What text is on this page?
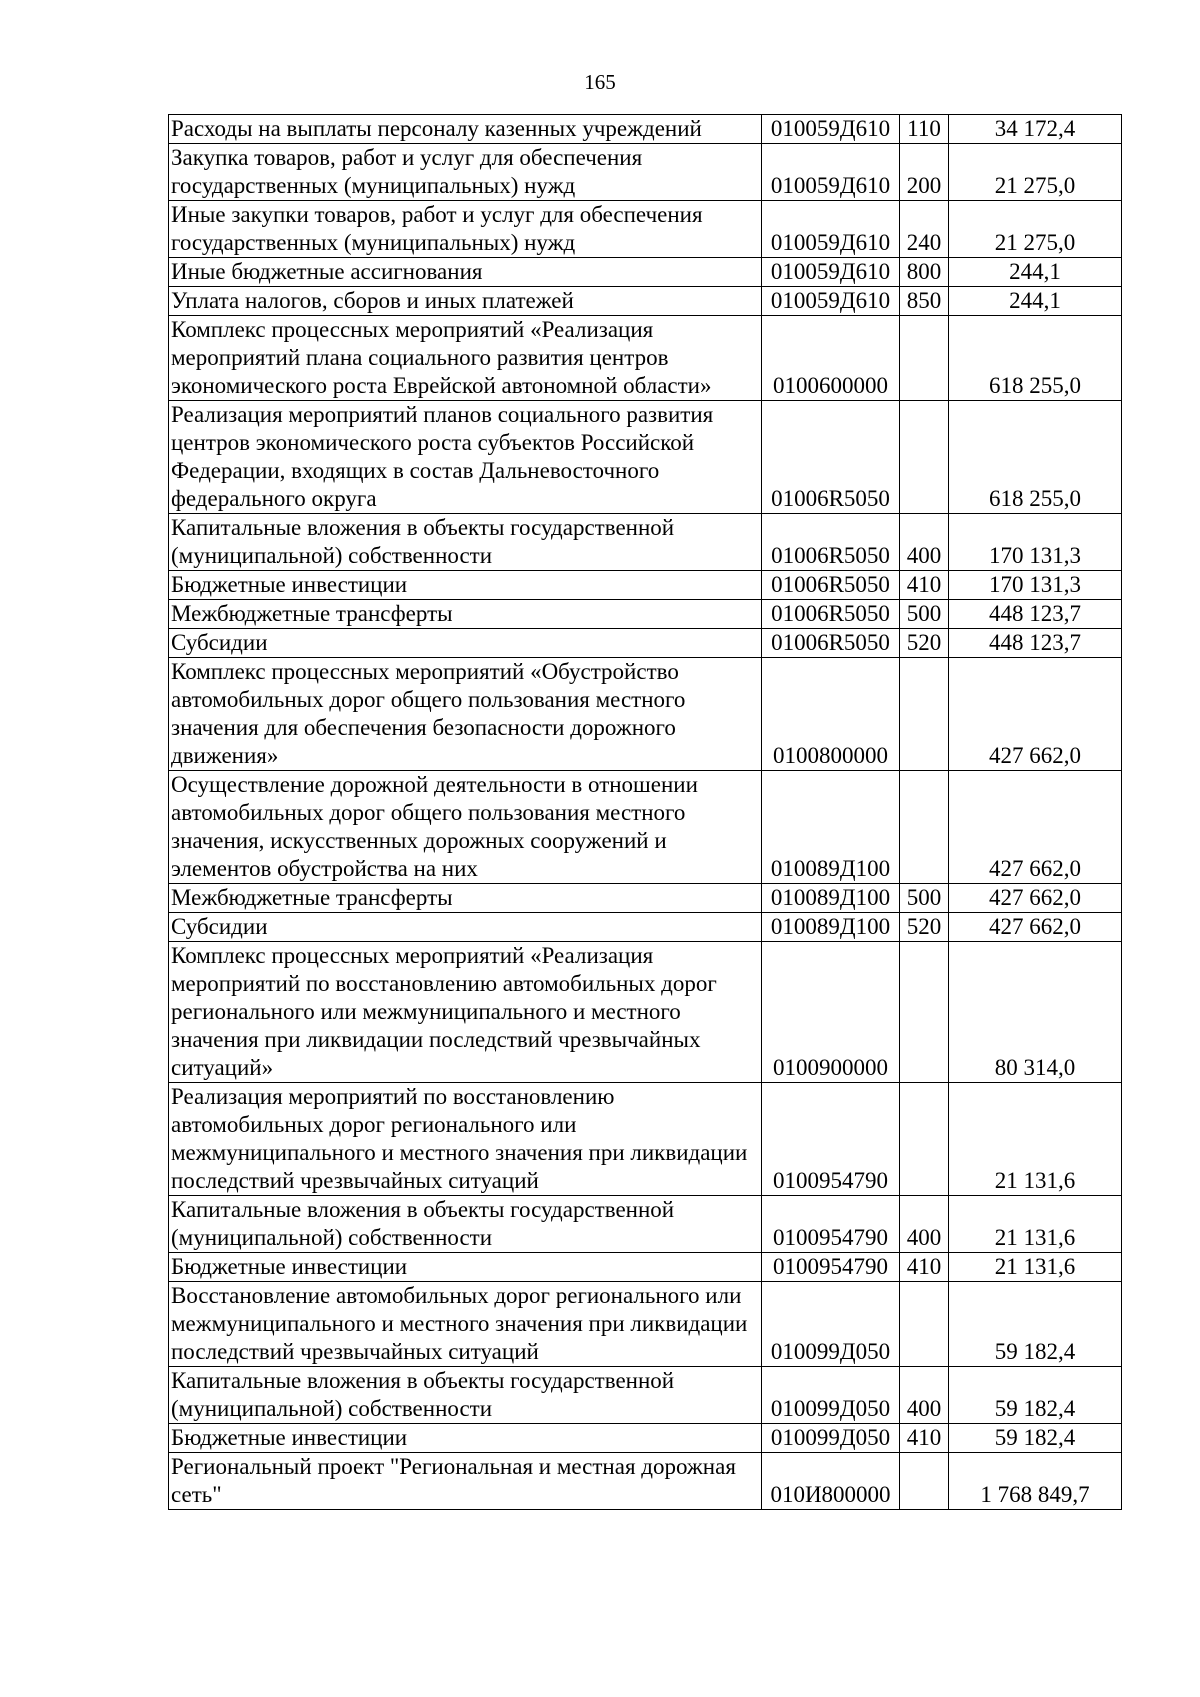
165
Расходы на выплаты персоналу казенных учреждений	010059Д610	110	34 172,4
Закупка товаров, работ и услуг для обеспечения государственных (муниципальных) нужд	010059Д610	200	21 275,0
Иные закупки товаров, работ и услуг для обеспечения государственных (муниципальных) нужд	010059Д610	240	21 275,0
Иные бюджетные ассигнования	010059Д610	800	244,1
Уплата налогов, сборов и иных платежей	010059Д610	850	244,1
Комплекс процессных мероприятий «Реализация мероприятий плана социального развития центров экономического роста Еврейской автономной области»	0100600000		618 255,0
Реализация мероприятий планов социального развития центров экономического роста субъектов Российской Федерации, входящих в состав Дальневосточного федерального округа	01006R5050		618 255,0
Капитальные вложения в объекты государственной (муниципальной) собственности	01006R5050	400	170 131,3
Бюджетные инвестиции	01006R5050	410	170 131,3
Межбюджетные трансферты	01006R5050	500	448 123,7
Субсидии	01006R5050	520	448 123,7
Комплекс процессных мероприятий «Обустройство автомобильных дорог общего пользования местного значения для обеспечения безопасности дорожного движения»	0100800000		427 662,0
Осуществление дорожной деятельности в отношении автомобильных дорог общего пользования местного значения, искусственных дорожных сооружений и элементов обустройства на них	010089Д100		427 662,0
Межбюджетные трансферты	010089Д100	500	427 662,0
Субсидии	010089Д100	520	427 662,0
Комплекс процессных мероприятий «Реализация мероприятий по восстановлению автомобильных дорог регионального или межмуниципального и местного значения при ликвидации последствий чрезвычайных ситуаций»	0100900000		80 314,0
Реализация мероприятий по восстановлению автомобильных дорог регионального или межмуниципального и местного значения при ликвидации последствий чрезвычайных ситуаций	0100954790		21 131,6
Капитальные вложения в объекты государственной (муниципальной) собственности	0100954790	400	21 131,6
Бюджетные инвестиции	0100954790	410	21 131,6
Восстановление автомобильных дорог регионального или межмуниципального и местного значения при ликвидации последствий чрезвычайных ситуаций	010099Д050		59 182,4
Капитальные вложения в объекты государственной (муниципальной) собственности	010099Д050	400	59 182,4
Бюджетные инвестиции	010099Д050	410	59 182,4
Региональный проект "Региональная и местная дорожная сеть"	010И800000		1 768 849,7
